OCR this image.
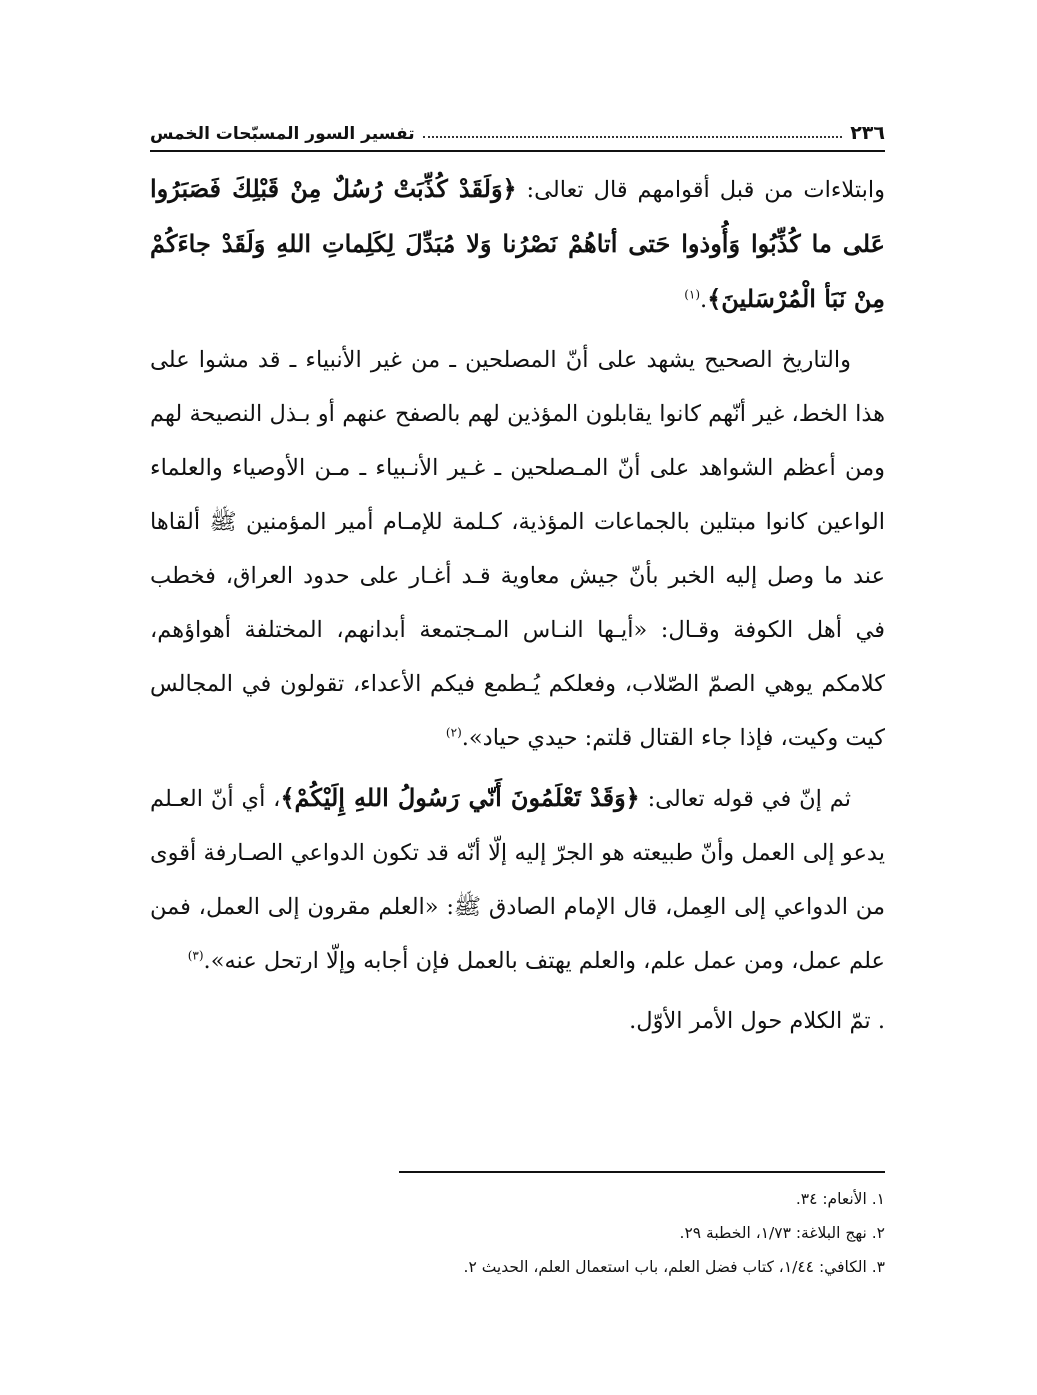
٢٣٦
تفسير السور المسبّحات الخمس

وابتلاءات من قبل أقوامهم قال تعالى: ﴿وَلَقَدْ كُذِّبَتْ رُسُلٌ مِنْ قَبْلِكَ فَصَبَرُوا عَلى ما كُذِّبُوا وَأُوذوا حَتى أتاهُمْ نَصْرُنا وَلا مُبَدِّلَ لِكَلِماتِ اللهِ وَلَقَدْ جاءَكُمْ مِنْ نَبَأ الْمُرْسَلينَ﴾.$^{(١)}$

والتاريخ الصحيح يشهد على أنّ المصلحين ـ من غير الأنبياء ـ قد مشوا على هذا الخط، غير أنّهم كانوا يقابلون المؤذين لهم بالصفح عنهم أو بـذل النصيحة لهم ومن أعظم الشواهد على أنّ المـصلحين ـ غـير الأنـبياء ـ مـن الأوصياء والعلماء الواعين كانوا مبتلين بالجماعات المؤذية، كـلمة للإمـام أمير المؤمنين ﷺ ألقاها عند ما وصل إليه الخبر بأنّ جيش معاوية قـد أغـار على حدود العراق، فخطب في أهل الكوفة وقـال: «أيـها النـاس المـجتمعة أبدانهم، المختلفة أهواؤهم، كلامكم يوهي الصمّ الصّلاب، وفعلكم يُـطمع فيكم الأعداء، تقولون في المجالس كيت وكيت، فإذا جاء القتال قلتم: حيدي حياد».$^{(٢)}$

ثم إنّ في قوله تعالى: ﴿وَقَدْ تَعْلَمُونَ أَنّي رَسُولُ اللهِ إِلَيْكُمْ﴾، أي أنّ العـلم يدعو إلى العمل وأنّ طبيعته هو الجرّ إليه إلّا أنّه قد تكون الدواعي الصـارفة أقوى من الدواعي إلى العِمل، قال الإمام الصادق ﷺ: «العلم مقرون إلى العمل، فمن علم عمل، ومن عمل علم، والعلم يهتف بالعمل فإن أجابه وإلّا ارتحل عنه».$^{(٣)}$

. تمّ الكلام حول الأمر الأوّل.

١. الأنعام: ٣٤.
٢. نهج البلاغة: ١/٧٣، الخطبة ٢٩.
٣. الكافي: ١/٤٤، كتاب فضل العلم، باب استعمال العلم، الحديث ٢.
